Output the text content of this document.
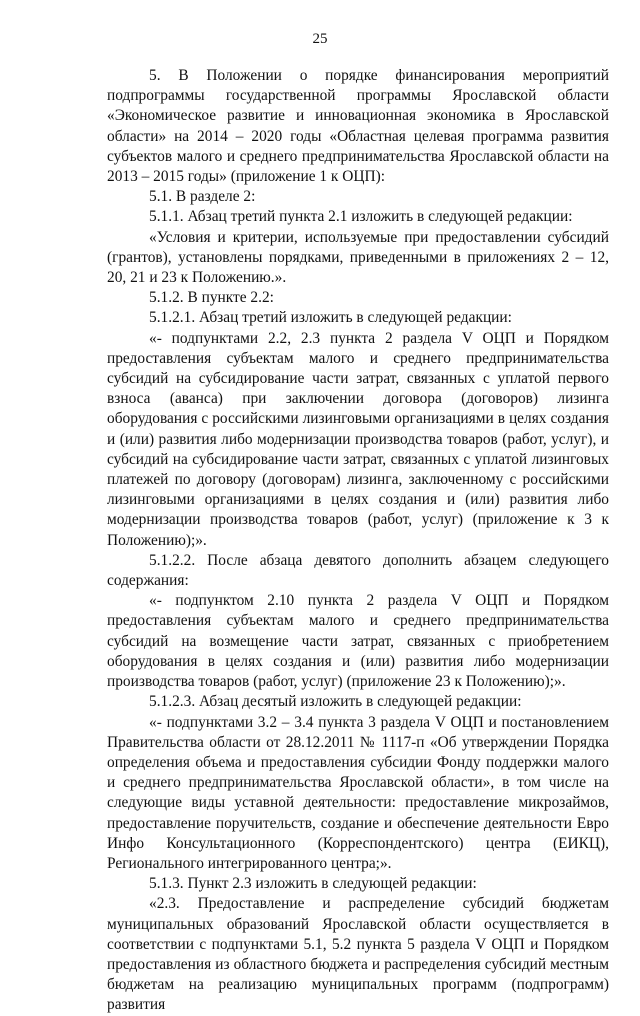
25

5. В Положении о порядке финансирования мероприятий подпрограммы государственной программы Ярославской области «Экономическое развитие и инновационная экономика в Ярославской области» на 2014 – 2020 годы «Областная целевая программа развития субъектов малого и среднего предпринимательства Ярославской области на 2013 – 2015 годы» (приложение 1 к ОЦП):

5.1. В разделе 2:

5.1.1. Абзац третий пункта 2.1 изложить в следующей редакции:

«Условия и критерии, используемые при предоставлении субсидий (грантов), установлены порядками, приведенными в приложениях 2 – 12, 20, 21 и 23 к Положению.».

5.1.2. В пункте 2.2:

5.1.2.1. Абзац третий изложить в следующей редакции:

«- подпунктами 2.2, 2.3 пункта 2 раздела V ОЦП и Порядком предоставления субъектам малого и среднего предпринимательства субсидий на субсидирование части затрат, связанных с уплатой первого взноса (аванса) при заключении договора (договоров) лизинга оборудования с российскими лизинговыми организациями в целях создания и (или) развития либо модернизации производства товаров (работ, услуг), и субсидий на субсидирование части затрат, связанных с уплатой лизинговых платежей по договору (договорам) лизинга, заключенному с российскими лизинговыми организациями в целях создания и (или) развития либо модернизации производства товаров (работ, услуг) (приложение к 3 к Положению);».

5.1.2.2. После абзаца девятого дополнить абзацем следующего содержания:

«- подпунктом 2.10 пункта 2 раздела V ОЦП и Порядком предоставления субъектам малого и среднего предпринимательства субсидий на возмещение части затрат, связанных с приобретением оборудования в целях создания и (или) развития либо модернизации производства товаров (работ, услуг) (приложение 23 к Положению);».

5.1.2.3. Абзац десятый изложить в следующей редакции:

«- подпунктами 3.2 – 3.4 пункта 3 раздела V ОЦП и постановлением Правительства области от 28.12.2011 № 1117-п «Об утверждении Порядка определения объема и предоставления субсидии Фонду поддержки малого и среднего предпринимательства Ярославской области», в том числе на следующие виды уставной деятельности: предоставление микрозаймов, предоставление поручительств, создание и обеспечение деятельности Евро Инфо Консультационного (Корреспондентского) центра (ЕИКЦ), Регионального интегрированного центра;».

5.1.3. Пункт 2.3 изложить в следующей редакции:

«2.3. Предоставление и распределение субсидий бюджетам муниципальных образований Ярославской области осуществляется в соответствии с подпунктами 5.1, 5.2 пункта 5 раздела V ОЦП и Порядком предоставления из областного бюджета и распределения субсидий местным бюджетам на реализацию муниципальных программ (подпрограмм) развития
